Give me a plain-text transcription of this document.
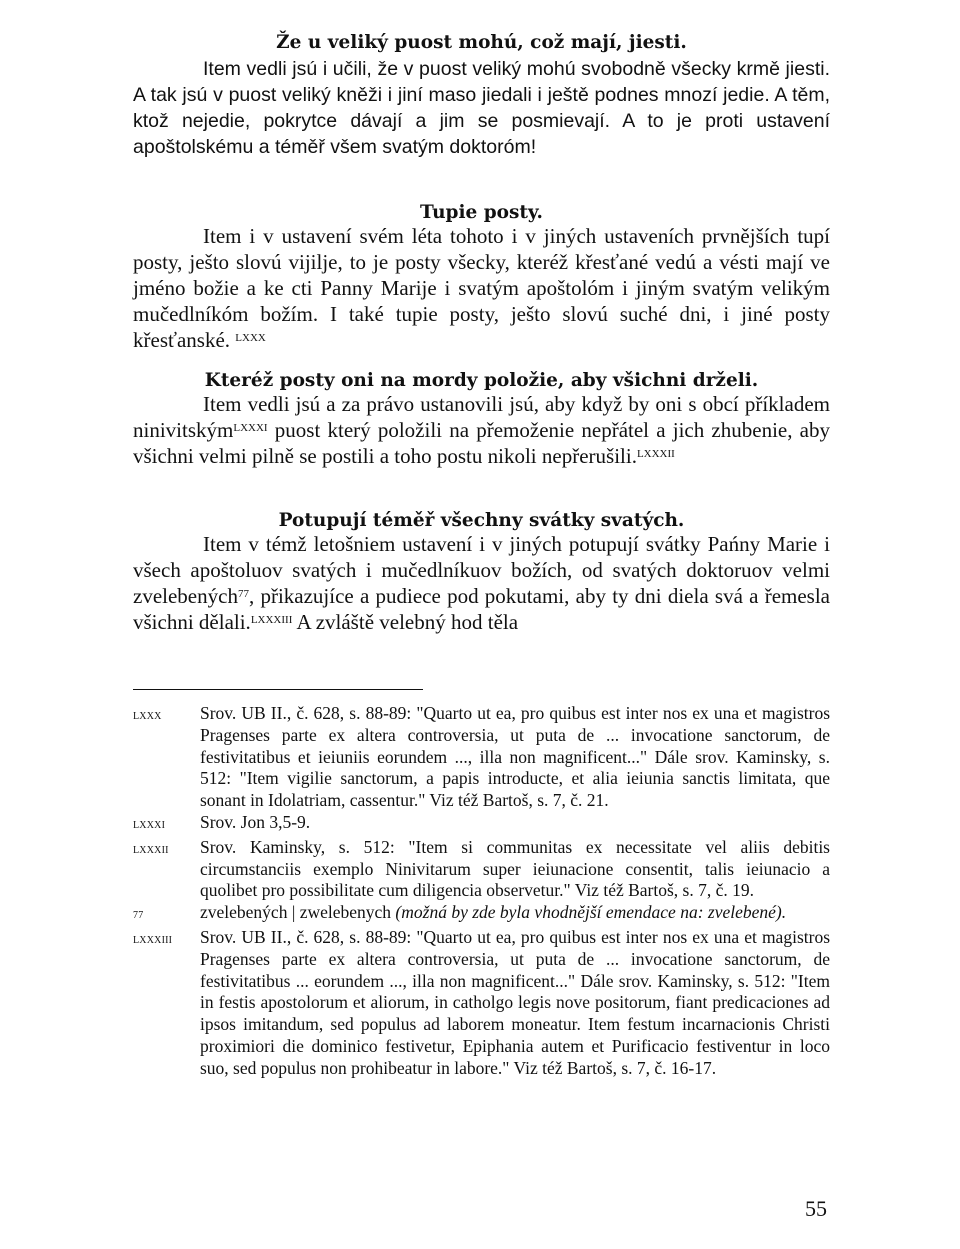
Že u veliký puost mohú, což mají, jiesti.

Item vedli jsú i učili, že v puost veliký mohú svobodně všecky krmě jiesti. A tak jsú v puost veliký kněži i jiní maso jiedali i ještě podnes mnozí jedie. A těm, ktož nejedie, pokrytce dávají a jim se posmievají. A to je proti ustavení apoštolskému a téměř všem svatým doktoróm!

Tupie posty.

Item i v ustavení svém léta tohoto i v jiných ustaveních prvnějších tupí posty, ješto slovú vijilje, to je posty všecky, kteréž křesťané vedú a vésti mají ve jméno božie a ke cti Panny Marije i svatým apoštolóm i jiným svatým velikým mučedlníkóm božím. I také tupie posty, ješto slovú suché dni, i jiné posty křesťanské. $^{LXXX}$

Kteréž posty oni na mordy položie, aby všichni drželi.

Item vedli jsú a za právo ustanovili jsú, aby když by oni s obcí příkladem ninivitským$^{LXXXI}$ puost který položili na přemoženie nepřátel a jich zhubenie, aby všichni velmi pilně se postili a toho postu nikoli nepřerušili.$^{LXXXII}$

Potupují téměř všechny svátky svatých.

Item v témž letošniem ustavení i v jiných potupují svátky Pańny Marie i všech apoštoluov svatých i mučedlníkuov božích, od svatých doktoruov velmi zvelebených$^{77}$, přikazujíce a pudiece pod pokutami, aby ty dni diela svá a řemesla všichni dělali.$^{LXXXIII}$ A zvláště velebný hod těla

LXXX	Srov. UB II., č. 628, s. 88-89: "Quarto ut ea, pro quibus est inter nos ex una et magistros Pragenses parte ex altera controversia, ut puta de ... invocatione sanctorum, de festivitatibus et ieiuniis eorundem ..., illa non magnificent..." Dále srov. Kaminsky, s. 512: "Item vigilie sanctorum, a papis introducte, et alia ieiunia sanctis limitata, que sonant in Idolatriam, cassentur." Viz též Bartoš, s. 7, č. 21.
LXXXI	Srov. Jon 3,5-9.
LXXXII	Srov. Kaminsky, s. 512: "Item si communitas ex necessitate vel aliis debitis circumstanciis exemplo Ninivitarum super ieiunacione consentit, talis ieiunacio a quolibet pro possibilitate cum diligencia observetur." Viz též Bartoš, s. 7, č. 19.
77	zvelebených | zwelebenych (možná by zde byla vhodnější emendace na: zvelebené).
LXXXIII	Srov. UB II., č. 628, s. 88-89: "Quarto ut ea, pro quibus est inter nos ex una et magistros Pragenses parte ex altera controversia, ut puta de ... invocatione sanctorum, de festivitatibus ... eorundem ..., illa non magnificent..." Dále srov. Kaminsky, s. 512: "Item in festis apostolorum et aliorum, in catholgo legis nove positorum, fiant predicaciones ad ipsos imitandum, sed populus ad laborem moneatur. Item festum incarnacionis Christi proximiori die dominico festivetur, Epiphania autem et Purificacio festiventur in loco suo, sed populus non prohibeatur in labore." Viz též Bartoš, s. 7, č. 16-17.
55
